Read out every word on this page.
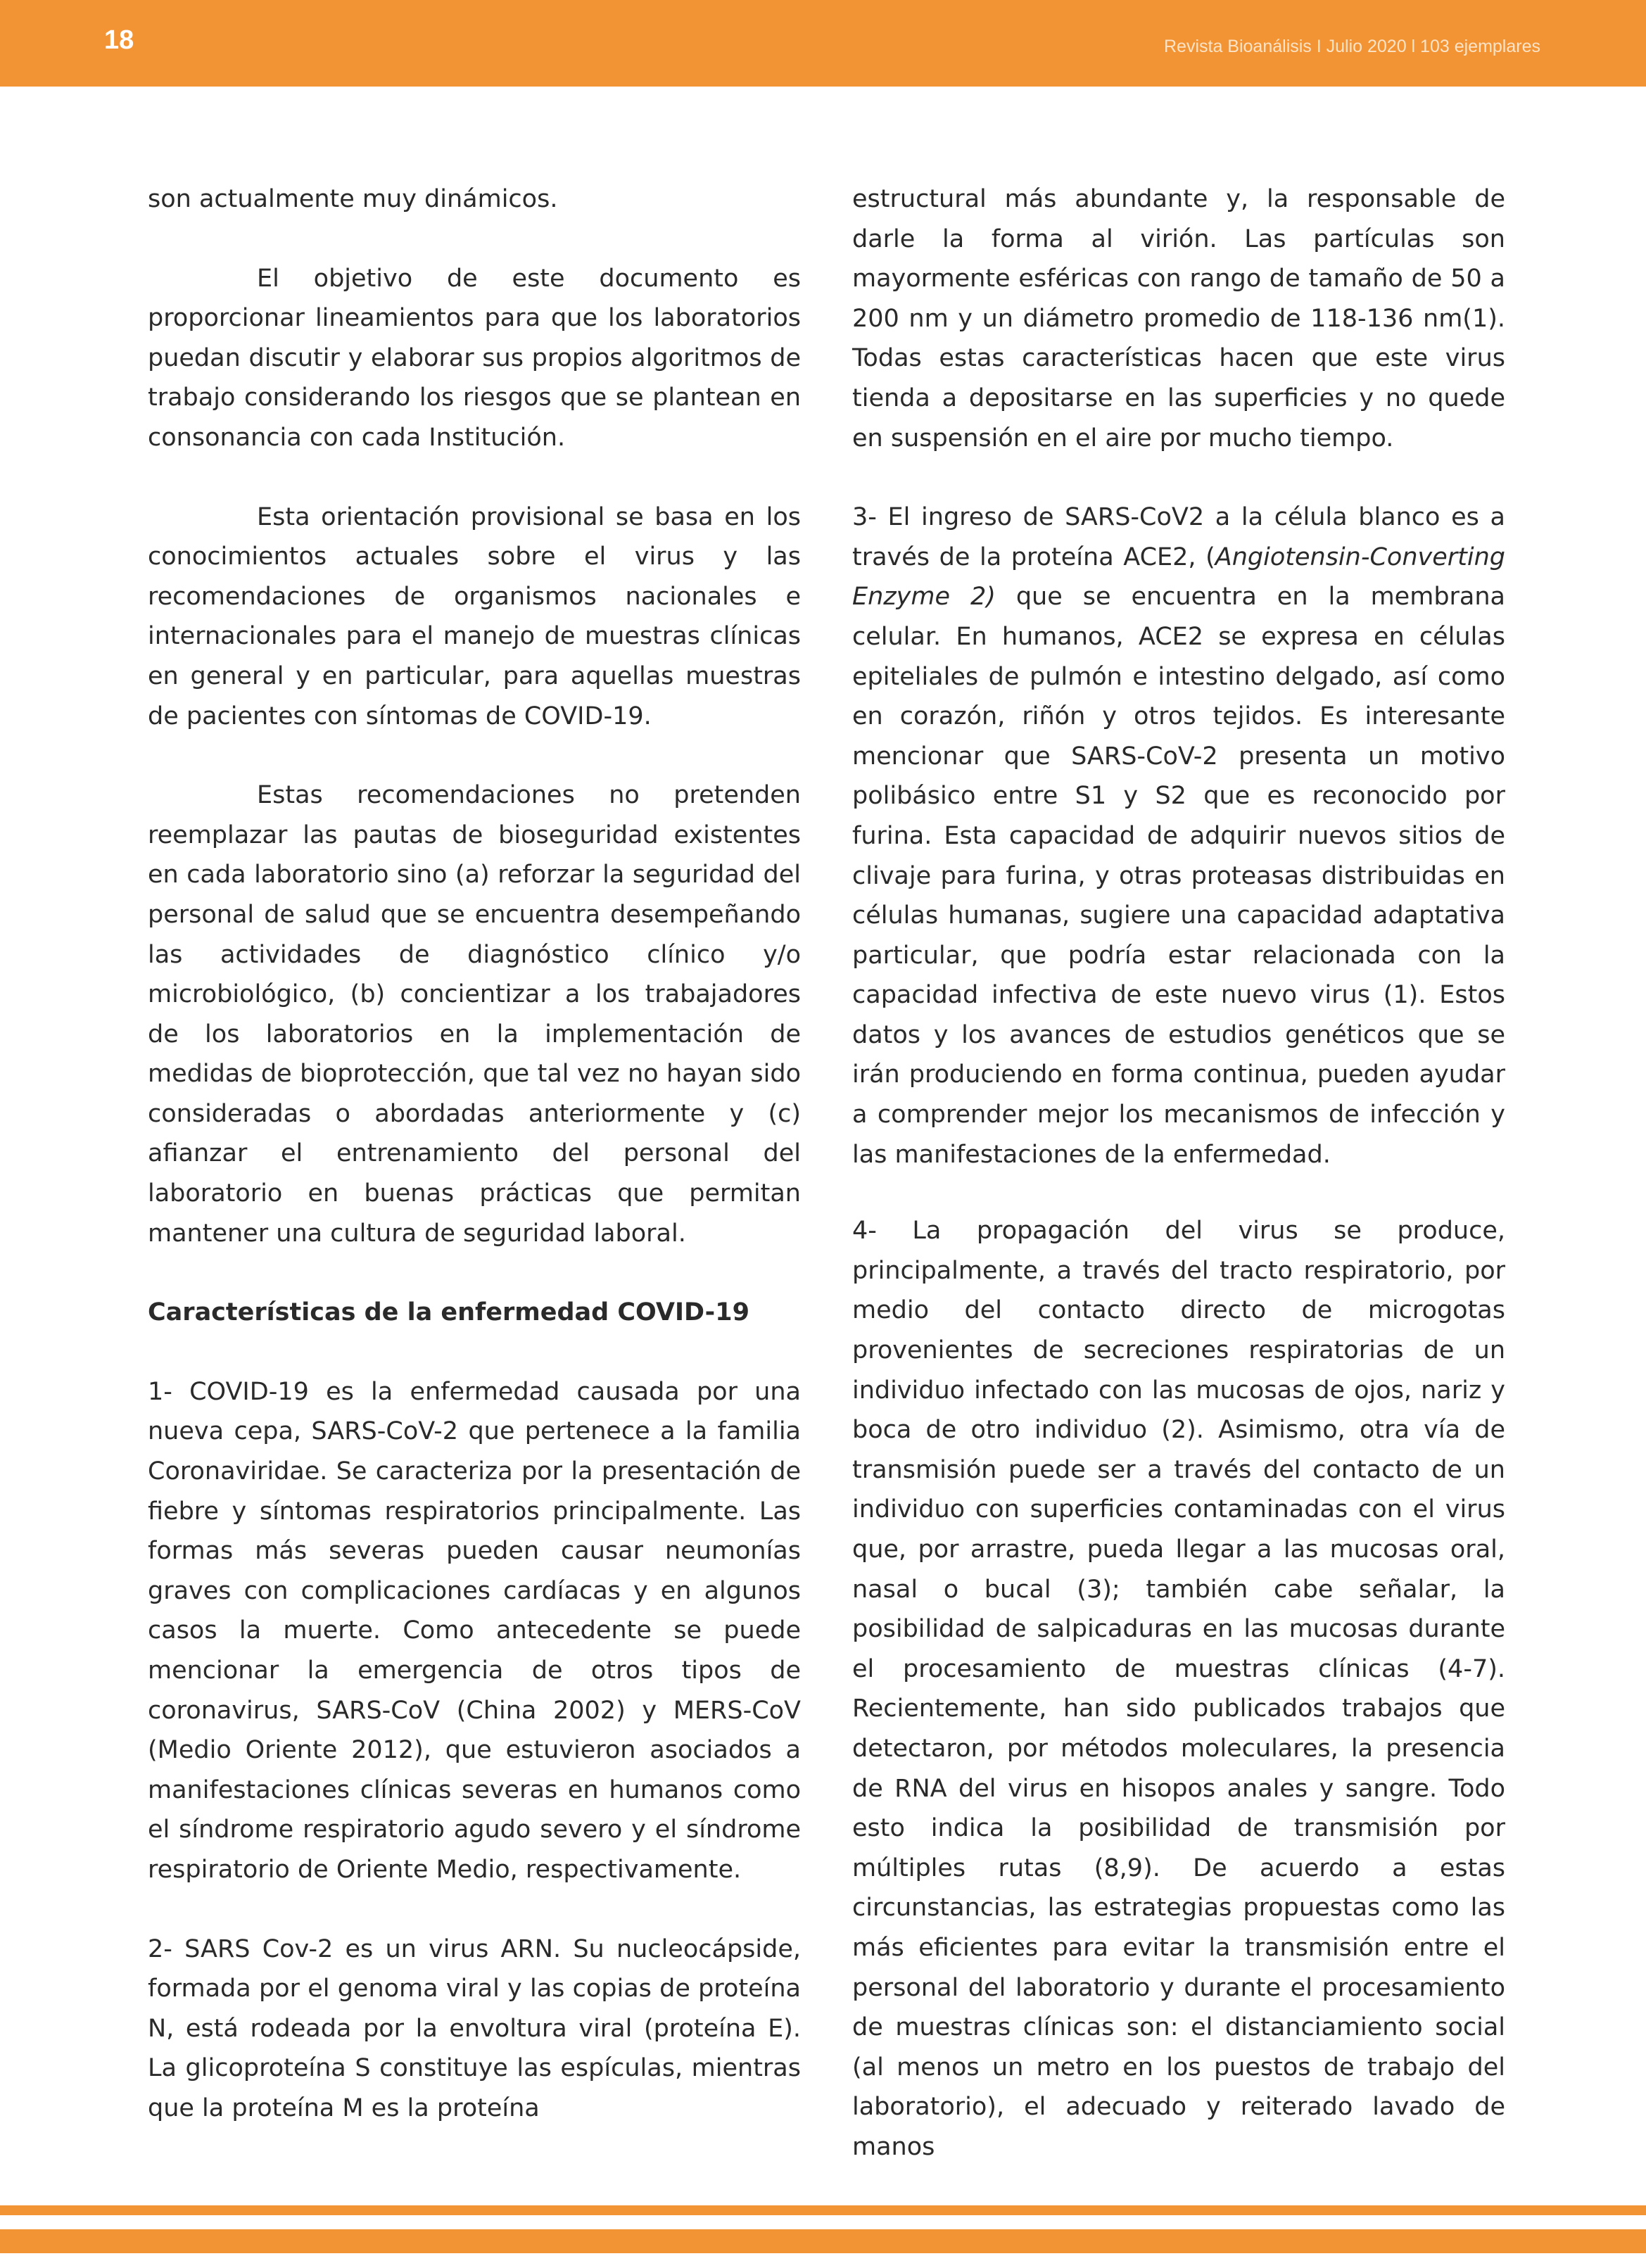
18	Revista Bioanálisis I Julio 2020 l 103 ejemplares

son actualmente muy dinámicos.

El objetivo de este documento es proporcionar lineamientos para que los laboratorios puedan discutir y elaborar sus propios algoritmos de trabajo considerando los riesgos que se plantean en consonancia con cada Institución.

Esta orientación provisional se basa en los conocimientos actuales sobre el virus y las recomendaciones de organismos nacionales e internacionales para el manejo de muestras clínicas en general y en particular, para aquellas muestras de pacientes con síntomas de COVID-19.

Estas recomendaciones no pretenden reemplazar las pautas de bioseguridad existentes en cada laboratorio sino (a) reforzar la seguridad del personal de salud que se encuentra desempeñando las actividades de diagnóstico clínico y/o microbiológico, (b) concientizar a los trabajadores de los laboratorios en la implementación de medidas de bioprotección, que tal vez no hayan sido consideradas o abordadas anteriormente y (c) afianzar el entrenamiento del personal del laboratorio en buenas prácticas que permitan mantener una cultura de seguridad laboral.

Características de la enfermedad COVID-19

1- COVID-19 es la enfermedad causada por una nueva cepa, SARS-CoV-2 que pertenece a la familia Coronaviridae. Se caracteriza por la presentación de fiebre y síntomas respiratorios principalmente. Las formas más severas pueden causar neumonías graves con complicaciones cardíacas y en algunos casos la muerte. Como antecedente se puede mencionar la emergencia de otros tipos de coronavirus, SARS-CoV (China 2002) y MERS-CoV (Medio Oriente 2012), que estuvieron asociados a manifestaciones clínicas severas en humanos como el síndrome respiratorio agudo severo y el síndrome respiratorio de Oriente Medio, respectivamente.

2- SARS Cov-2 es un virus ARN. Su nucleocápside, formada por el genoma viral y las copias de proteína N, está rodeada por la envoltura viral (proteína E). La glicoproteína S constituye las espículas, mientras que la proteína M es la proteína

estructural más abundante y, la responsable de darle la forma al virión. Las partículas son mayormente esféricas con rango de tamaño de 50 a 200 nm y un diámetro promedio de 118-136 nm(1). Todas estas características hacen que este virus tienda a depositarse en las superficies y no quede en suspensión en el aire por mucho tiempo.

3- El ingreso de SARS-CoV2 a la célula blanco es a través de la proteína ACE2, (Angiotensin-Converting Enzyme 2) que se encuentra en la membrana celular. En humanos, ACE2 se expresa en células epiteliales de pulmón e intestino delgado, así como en corazón, riñón y otros tejidos. Es interesante mencionar que SARS-CoV-2 presenta un motivo polibásico entre S1 y S2 que es reconocido por furina. Esta capacidad de adquirir nuevos sitios de clivaje para furina, y otras proteasas distribuidas en células humanas, sugiere una capacidad adaptativa particular, que podría estar relacionada con la capacidad infectiva de este nuevo virus (1). Estos datos y los avances de estudios genéticos que se irán produciendo en forma continua, pueden ayudar a comprender mejor los mecanismos de infección y las manifestaciones de la enfermedad.

4- La propagación del virus se produce, principalmente, a través del tracto respiratorio, por medio del contacto directo de microgotas provenientes de secreciones respiratorias de un individuo infectado con las mucosas de ojos, nariz y boca de otro individuo (2). Asimismo, otra vía de transmisión puede ser a través del contacto de un individuo con superficies contaminadas con el virus que, por arrastre, pueda llegar a las mucosas oral, nasal o bucal (3); también cabe señalar, la posibilidad de salpicaduras en las mucosas durante el procesamiento de muestras clínicas (4-7). Recientemente, han sido publicados trabajos que detectaron, por métodos moleculares, la presencia de RNA del virus en hisopos anales y sangre. Todo esto indica la posibilidad de transmisión por múltiples rutas (8,9). De acuerdo a estas circunstancias, las estrategias propuestas como las más eficientes para evitar la transmisión entre el personal del laboratorio y durante el procesamiento de muestras clínicas son: el distanciamiento social (al menos un metro en los puestos de trabajo del laboratorio), el adecuado y reiterado lavado de manos
